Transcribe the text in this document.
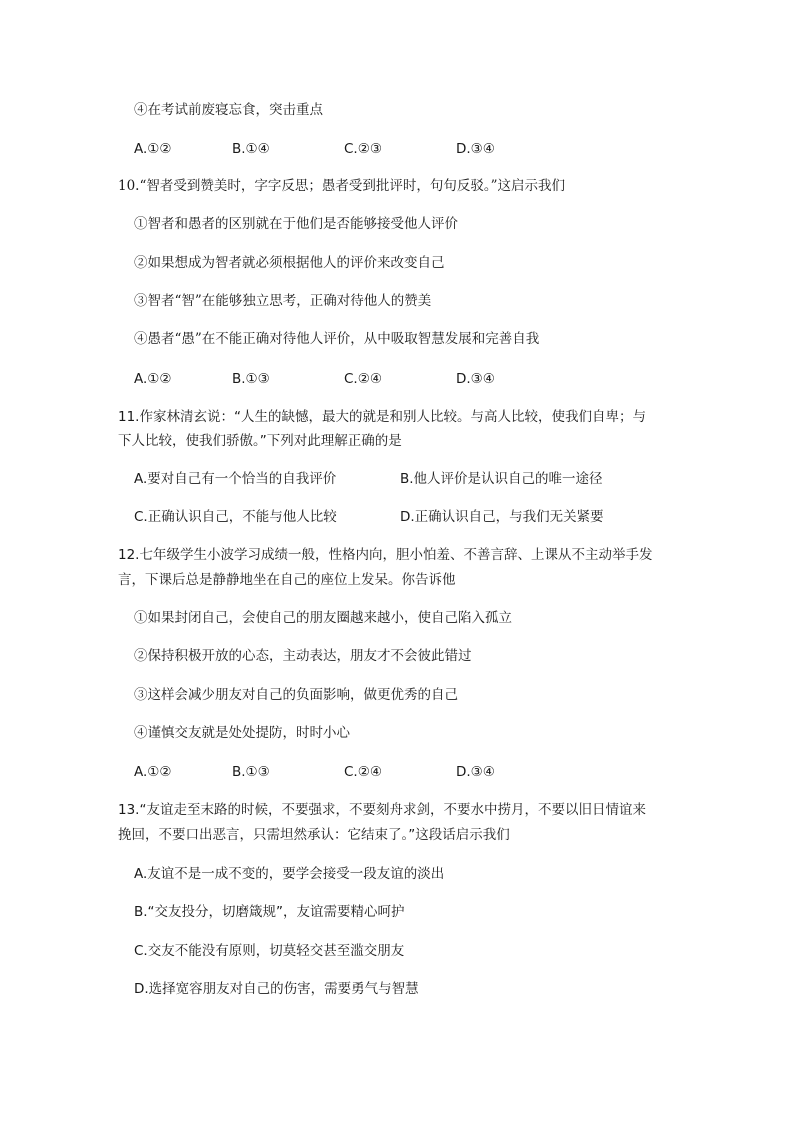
④在考试前废寝忘食，突击重点
A.①②	B.①④	C.②③	D.③④
10.“智者受到赞美时，字字反思；愚者受到批评时，句句反驳。”这启示我们
①智者和愚者的区别就在于他们是否能够接受他人评价
②如果想成为智者就必须根据他人的评价来改变自己
③智者“智”在能够独立思考，正确对待他人的赞美
④愚者“愚”在不能正确对待他人评价，从中吸取智慧发展和完善自我
A.①②	B.①③	C.②④	D.③④
11.作家林清玄说：“人生的缺憾，最大的就是和别人比较。与高人比较，使我们自卑；与
下人比较，使我们骄傲。”下列对此理解正确的是
A.要对自己有一个恰当的自我评价	B.他人评价是认识自己的唯一途径
C.正确认识自己，不能与他人比较	D.正确认识自己，与我们无关紧要
12.七年级学生小波学习成绩一般，性格内向，胆小怕羞、不善言辞、上课从不主动举手发
言，下课后总是静静地坐在自己的座位上发呆。你告诉他
①如果封闭自己，会使自己的朋友圈越来越小，使自己陷入孤立
②保持积极开放的心态，主动表达，朋友才不会彼此错过
③这样会减少朋友对自己的负面影响，做更优秀的自己
④谨慎交友就是处处提防，时时小心
A.①②	B.①③	C.②④	D.③④
13.“友谊走至末路的时候，不要强求，不要刻舟求剑，不要水中捞月，不要以旧日情谊来
挽回，不要口出恶言，只需坦然承认：它结束了。”这段话启示我们
A.友谊不是一成不变的，要学会接受一段友谊的淡出
B.“交友投分，切磨箴规”，友谊需要精心呵护
C.交友不能没有原则，切莫轻交甚至滥交朋友
D.选择宽容朋友对自己的伤害，需要勇气与智慧
